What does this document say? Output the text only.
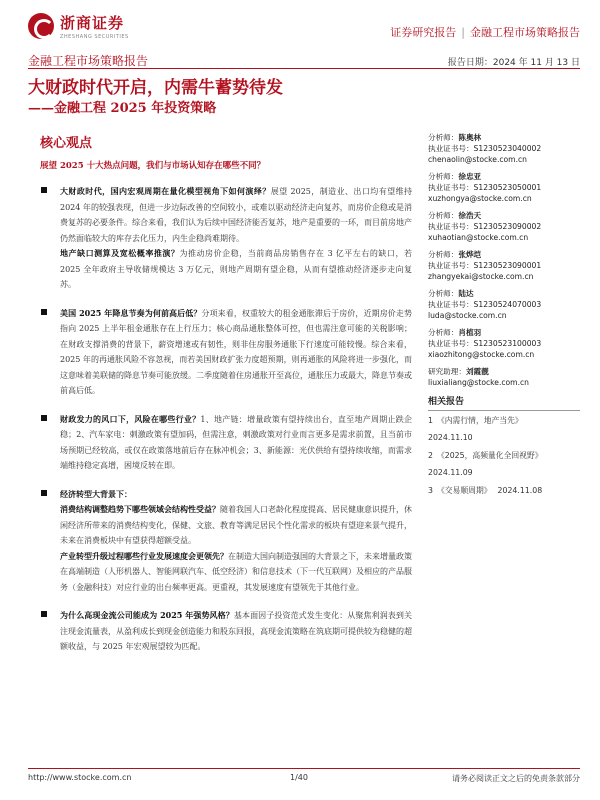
浙商证券
ZHESHANG SECURITIES	证券研究报告 | 金融工程市场策略报告
金融工程市场策略报告	报告日期：2024 年 11 月 13 日
大财政时代开启，内需牛蓄势待发
——金融工程 2025 年投资策略
核心观点
展望 2025 十大热点问题，我们与市场认知存在哪些不同？

大财政时代，国内宏观周期在量化模型视角下如何演绎？展望 2025，制造业、出口均有望维持 2024 年的较强表现，但进一步边际改善的空间较小，或难以驱动经济走向复苏，而房价企稳或是消费复苏的必要条件。综合来看，我们认为后续中国经济能否复苏，地产是重要的一环，而目前房地产仍然面临较大的库存去化压力，内生企稳尚难期待。

地产缺口测算及宽松概率推演？为推动房价企稳，当前商品房销售存在 3 亿平左右的缺口，若 2025 全年政府主导收储规模达 3 万亿元，则地产周期有望企稳，从而有望推动经济逐步走向复苏。

美国 2025 年降息节奏为何前高后低？分项来看，权重较大的租金通胀滞后于房价，近期房价走势指向 2025 上半年租金通胀存在上行压力；核心商品通胀整体可控，但也需注意可能的关税影响；在财政支撑消费的背景下，薪资增速或有韧性，则非住房服务通胀下行速度可能较慢。综合来看，2025 年的再通胀风险不容忽视，而若美国财政扩张力度超预期，则再通胀的风险将进一步强化，而这意味着美联储的降息节奏可能放缓。二季度随着住房通胀开至高位，通胀压力或最大，降息节奏或前高后低。

财政发力的风口下，风险在哪些行业？1、地产链：增量政策有望持续出台，直至地产周期止跌企稳；2、汽车家电：刺激政策有望加码，但需注意，刺激政策对行业而言更多是需求前置，且当前市场预期已经较高，或仅在政策落地前后存在脉冲机会；3、新能源：光伏供给有望持续收缩，而需求端维持稳定高增，困境反转在即。

经济转型大背景下：

消费结构调整趋势下哪些领域会结构性受益？随着我国人口老龄化程度提高、居民健康意识提升，休闲经济所带来的消费结构变化，保健、文旅、教育等满足居民个性化需求的板块有望迎来景气提升，未来在消费板块中有望获得超额受益。

产业转型升级过程哪些行业发展速度会更领先？在制造大国向制造强国的大背景之下，未来增量政策在高端制造（人形机器人、智能网联汽车、低空经济）和信息技术（下一代互联网）及相应的产品服务（金融科技）对应行业的出台频率更高。更重视，其发展速度有望领先于其他行业。

为什么高现金流公司能成为 2025 年强势风格？基本面因子投资范式发生变化：从聚焦利润表到关注现金流量表，从盈利成长到现金创造能力和股东回报，高现金流策略在筑底期可提供较为稳健的超额收益，与 2025 年宏观展望较为匹配。

分析师：陈奥林
执业证书号：S1230523040002
chenaolin@stocke.com.cn
分析师：徐忠亚
执业证书号：S1230523050001
xuzhongya@stocke.com.cn
分析师：徐浩天
执业证书号：S1230523090002
xuhaotian@stocke.com.cn
分析师：张烨垲
执业证书号：S1230523090001
zhangyekai@stocke.com.cn
分析师：陆达
执业证书号：S1230524070003
luda@stocke.com.cn
分析师：肖植羽
执业证书号：S1230523100003
xiaozhitong@stocke.com.cn
研究助理：刘霞靓
liuxialiang@stocke.com.cn
相关报告
1 《内需行情，地产当先》
2024.11.10
2 《2025，高频量化全回视野》
2024.11.09
3 《交易顺周期》 2024.11.08
http://www.stocke.com.cn	1/40	请务必阅读正文之后的免责条款部分
